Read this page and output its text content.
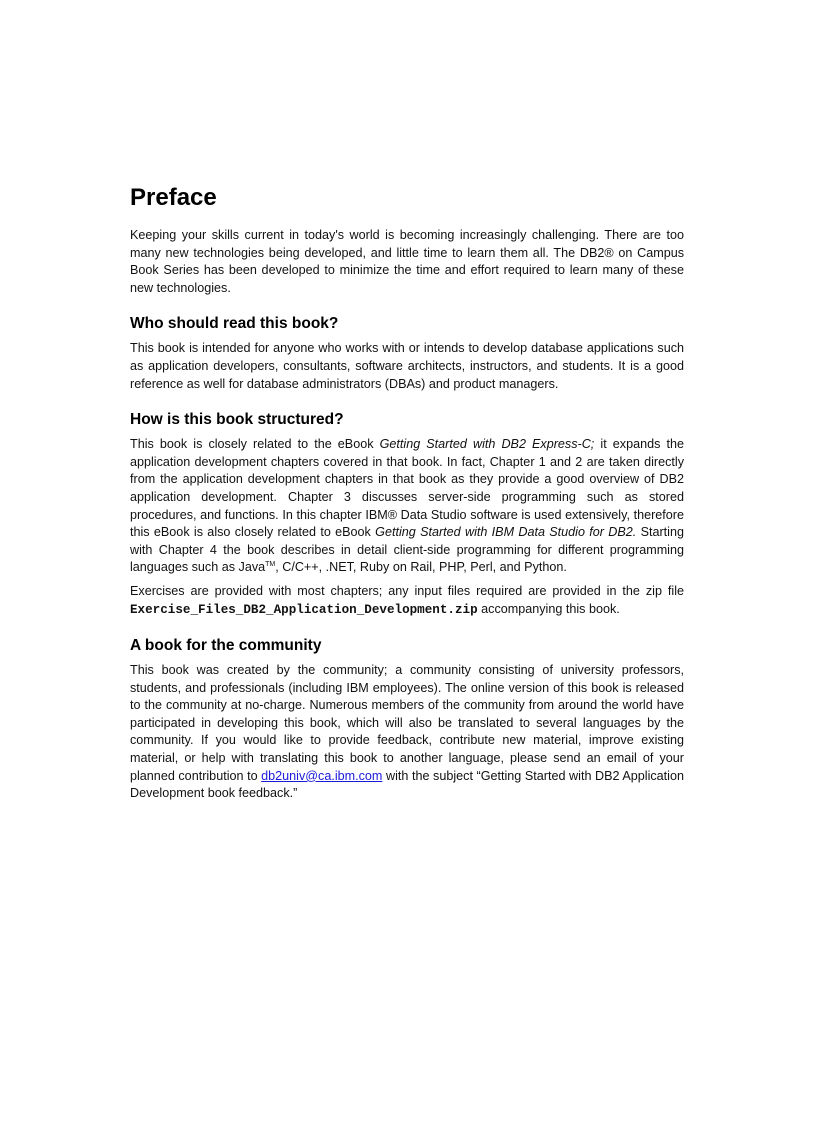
Preface

Keeping your skills current in today's world is becoming increasingly challenging. There are too many new technologies being developed, and little time to learn them all. The DB2® on Campus Book Series has been developed to minimize the time and effort required to learn many of these new technologies.

Who should read this book?

This book is intended for anyone who works with or intends to develop database applications such as application developers, consultants, software architects, instructors, and students. It is a good reference as well for database administrators (DBAs) and product managers.

How is this book structured?

This book is closely related to the eBook Getting Started with DB2 Express-C; it expands the application development chapters covered in that book. In fact, Chapter 1 and 2 are taken directly from the application development chapters in that book as they provide a good overview of DB2 application development. Chapter 3 discusses server-side programming such as stored procedures, and functions. In this chapter IBM® Data Studio software is used extensively, therefore this eBook is also closely related to eBook Getting Started with IBM Data Studio for DB2. Starting with Chapter 4 the book describes in detail client-side programming for different programming languages such as Java™, C/C++, .NET, Ruby on Rail, PHP, Perl, and Python.

Exercises are provided with most chapters; any input files required are provided in the zip file Exercise_Files_DB2_Application_Development.zip accompanying this book.

A book for the community

This book was created by the community; a community consisting of university professors, students, and professionals (including IBM employees). The online version of this book is released to the community at no-charge. Numerous members of the community from around the world have participated in developing this book, which will also be translated to several languages by the community. If you would like to provide feedback, contribute new material, improve existing material, or help with translating this book to another language, please send an email of your planned contribution to db2univ@ca.ibm.com with the subject “Getting Started with DB2 Application Development book feedback.”
